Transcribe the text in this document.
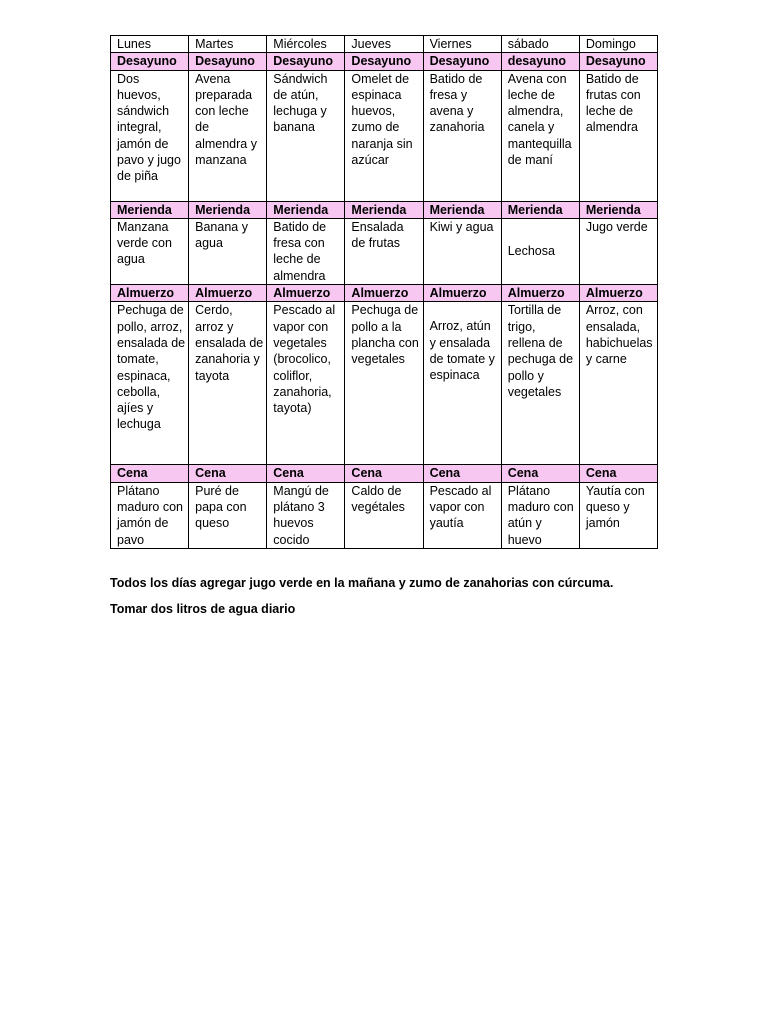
Lunes	Martes	Miércoles	Jueves	Viernes	sábado	Domingo
Desayuno	Desayuno	Desayuno	Desayuno	Desayuno	desayuno	Desayuno
Dos huevos, sándwich integral, jamón de pavo y jugo de piña	Avena preparada con leche de almendra y manzana	Sándwich de atún, lechuga y banana	Omelet de espinaca huevos, zumo de naranja sin azúcar	Batido de fresa y avena y zanahoria	Avena con leche de almendra, canela y mantequilla de maní	Batido de frutas con leche de almendra
Merienda	Merienda	Merienda	Merienda	Merienda	Merienda	Merienda
Manzana verde con agua	Banana y agua	Batido de fresa con leche de almendra	Ensalada de frutas	Kiwi y agua	Lechosa	Jugo verde
Almuerzo	Almuerzo	Almuerzo	Almuerzo	Almuerzo	Almuerzo	Almuerzo
Pechuga de pollo, arroz, ensalada de tomate, espinaca, cebolla, ajíes y lechuga	Cerdo, arroz y ensalada de zanahoria y tayota	Pescado al vapor con vegetales (brocolico, coliflor, zanahoria, tayota)	Pechuga de pollo a la plancha con vegetales	Arroz, atún y ensalada de tomate y espinaca	Tortilla de trigo, rellena de pechuga de pollo y vegetales	Arroz, con ensalada, habichuelas y carne
Cena	Cena	Cena	Cena	Cena	Cena	Cena
Plátano maduro con jamón de pavo	Puré de papa con queso	Mangú de plátano 3 huevos cocido	Caldo de vegétales	Pescado al vapor con yautía	Plátano maduro con atún y huevo	Yautía con queso y jamón

Todos los días agregar jugo verde en la mañana y zumo de zanahorias con cúrcuma.

Tomar dos litros de agua diario
